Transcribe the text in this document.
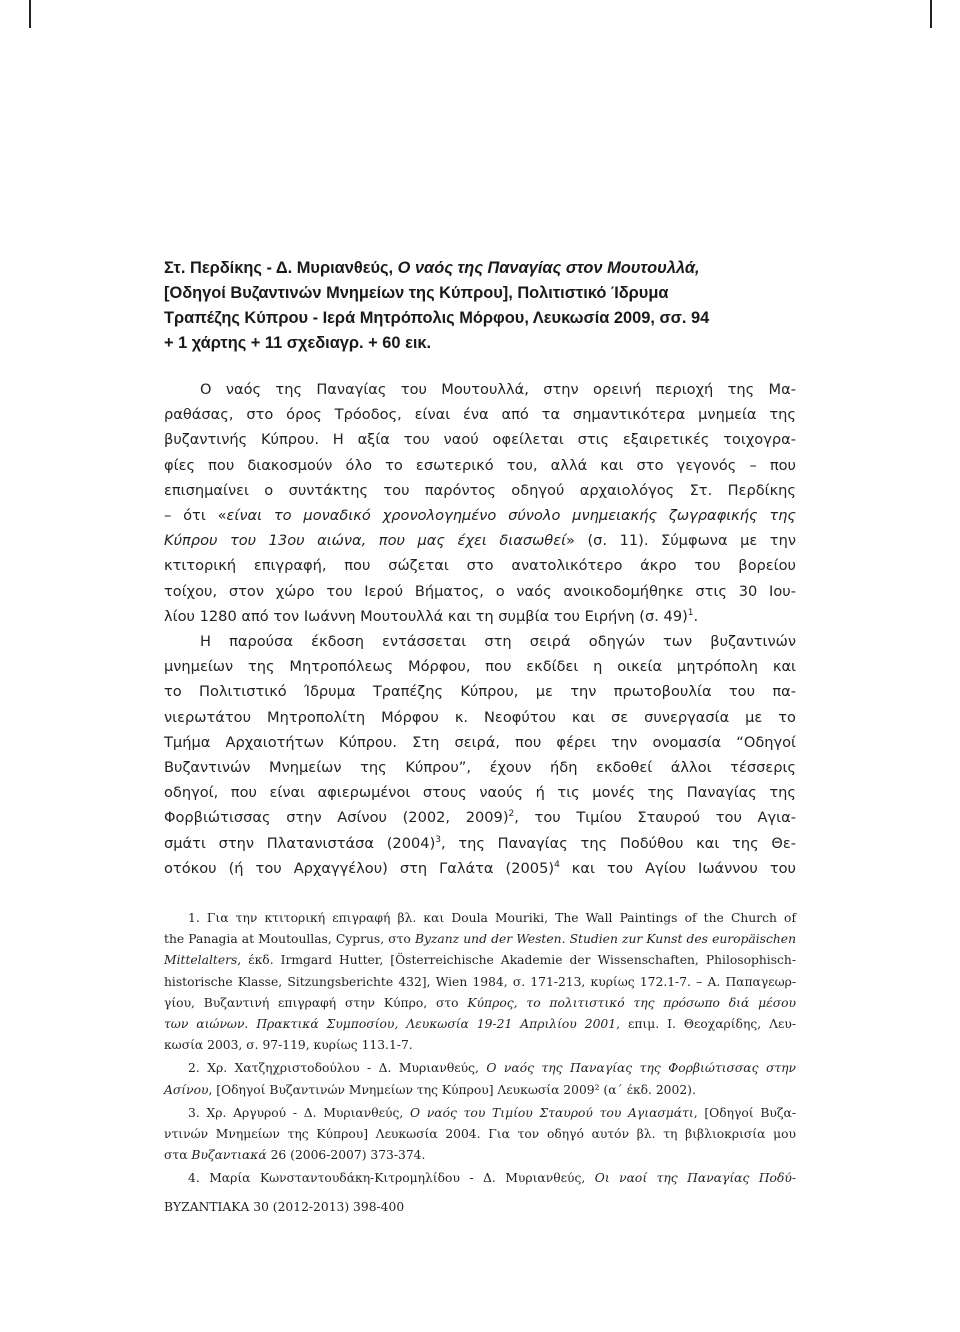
Στ. Περδίκης - Δ. Μυριανθεύς, Ο ναός της Παναγίας στον Μουτουλλά,
[Οδηγοί Βυζαντινών Μνημείων της Κύπρου], Πολιτιστικό Ίδρυμα
Τραπέζης Κύπρου - Ιερά Μητρόπολις Μόρφου, Λευκωσία 2009, σσ. 94
+ 1 χάρτης + 11 σχεδιαγρ. + 60 εικ.
Ο ναός της Παναγίας του Μουτουλλά, στην ορεινή περιοχή της Μα-
ραθάσας, στο όρος Τρόοδος, είναι ένα από τα σημαντικότερα μνημεία της
βυζαντινής Κύπρου. Η αξία του ναού οφείλεται στις εξαιρετικές τοιχογρα-
φίες που διακοσμούν όλο το εσωτερικό του, αλλά και στο γεγονός – που
επισημαίνει ο συντάκτης του παρόντος οδηγού αρχαιολόγος Στ. Περδίκης
– ότι «είναι το μοναδικό χρονολογημένο σύνολο μνημειακής ζωγραφικής της
Κύπρου του 13ου αιώνα, που μας έχει διασωθεί» (σ. 11). Σύμφωνα με την
κτιτορική επιγραφή, που σώζεται στο ανατολικότερο άκρο του βορείου
τοίχου, στον χώρο του Ιερού Βήματος, ο ναός ανοικοδομήθηκε στις 30 Ιου-
λίου 1280 από τον Ιωάννη Μουτουλλά και τη συμβία του Ειρήνη (σ. 49)$^1$.
Η παρούσα έκδοση εντάσσεται στη σειρά οδηγών των βυζαντινών
μνημείων της Μητροπόλεως Μόρφου, που εκδίδει η οικεία μητρόπολη και
το Πολιτιστικό Ίδρυμα Τραπέζης Κύπρου, με την πρωτοβουλία του πα-
νιερωτάτου Μητροπολίτη Μόρφου κ. Νεοφύτου και σε συνεργασία με το
Τμήμα Αρχαιοτήτων Κύπρου. Στη σειρά, που φέρει την ονομασία “Οδηγοί
Βυζαντινών Μνημείων της Κύπρου”, έχουν ήδη εκδοθεί άλλοι τέσσερις
οδηγοί, που είναι αφιερωμένοι στους ναούς ή τις μονές της Παναγίας της
Φορβιώτισσας στην Ασίνου (2002, 2009)$^2$, του Τιμίου Σταυρού του Αγια-
σμάτι στην Πλατανιστάσα $(2004)^3$, της Παναγίας της Ποδύθου και της Θε-
οτόκου (ή του Αρχαγγέλου) στη Γαλάτα $(2005)^4$ και του Αγίου Ιωάννου του
1. Για την κτιτορική επιγραφή βλ. και Doula Mouriki, The Wall Paintings of the Church of
the Panagia at Moutoullas, Cyprus, στο Byzanz und der Westen. Studien zur Kunst des europäischen
Mittelalters, έκδ. Irmgard Hutter, [Österreichische Akademie der Wissenschaften, Philosophisch-
historische Klasse, Sitzungsberichte 432], Wien 1984, σ. 171-213, κυρίως 172.1-7. – Α. Παπαγεωρ-
γίου, Βυζαντινή επιγραφή στην Κύπρο, στο Κύπρος, το πολιτιστικό της πρόσωπο διά μέσου
των αιώνων. Πρακτικά Συμποσίου, Λευκωσία 19-21 Απριλίου 2001, επιμ. Ι. Θεοχαρίδης, Λευ-
κωσία 2003, σ. 97-119, κυρίως 113.1-7.
2. Χρ. Χατζηχριστοδούλου - Δ. Μυριανθεύς, Ο ναός της Παναγίας της Φορβιώτισσας στην
Ασίνου, [Οδηγοί Βυζαντινών Μνημείων της Κύπρου] Λευκωσία 2009² (α΄ έκδ. 2002).
3. Χρ. Αργυρού - Δ. Μυριανθεύς, Ο ναός του Τιμίου Σταυρού του Αγιασμάτι, [Οδηγοί Βυζα-
ντινών Μνημείων της Κύπρου] Λευκωσία 2004. Για τον οδηγό αυτόν βλ. τη βιβλιοκρισία μου
στα Βυζαντιακά 26 (2006-2007) 373-374.
4. Μαρία Κωνσταντουδάκη-Κιτρομηλίδου - Δ. Μυριανθεύς, Οι ναοί της Παναγίας Ποδύ-
ΒΥΖΑΝΤΙΑΚΑ 30 (2012-2013) 398-400
